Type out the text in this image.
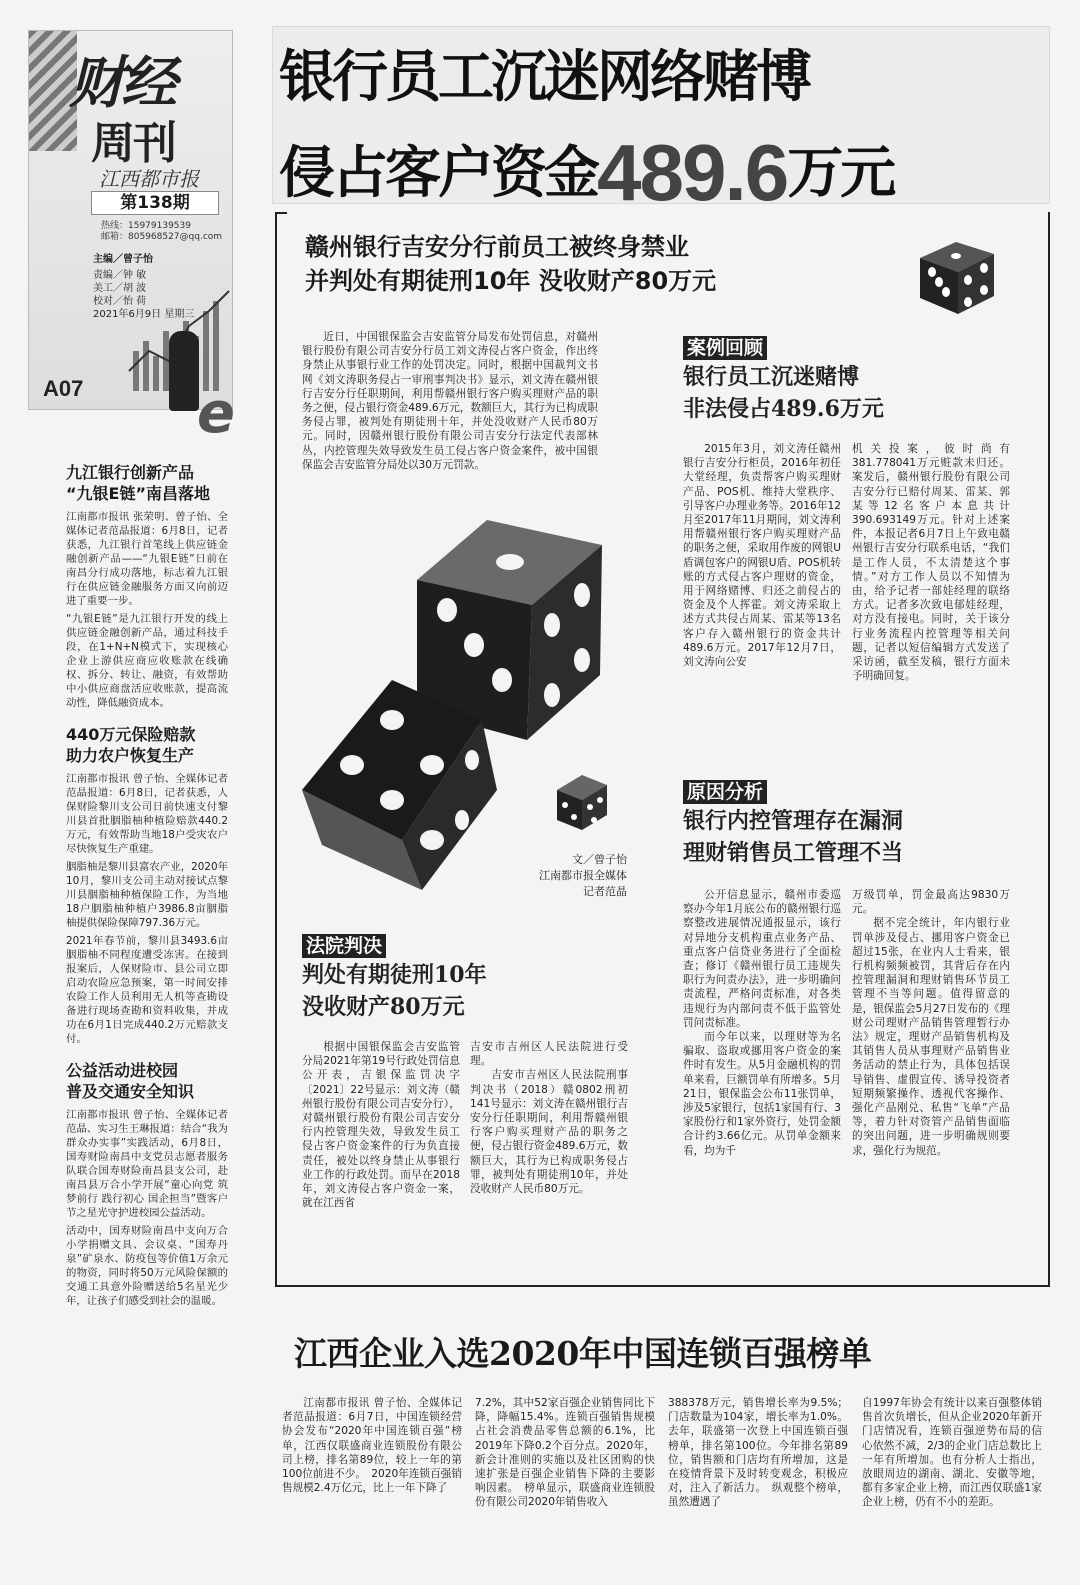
财经
周刊
江西都市报
第138期
热线：15979139539
邮箱：805968527@qq.com
主编／曾子怡
责编／钟 敏
美工／胡 波
校对／怡 荷
2021年6月9日 星期三
e
A07
银行员工沉迷网络赌博
侵占客户资金489.6万元
九江银行创新产品
“九银E链”南昌落地

江南都市报讯 张荣明、曾子怡、全媒体记者范晶报道：6月8日，记者获悉，九江银行首笔线上供应链金融创新产品——“九银E链”日前在南昌分行成功落地，标志着九江银行在供应链金融服务方面又向前迈进了重要一步。

“九银E链”是九江银行开发的线上供应链金融创新产品，通过科技手段，在1+N+N模式下，实现核心企业上游供应商应收账款在线确权、拆分、转让、融资，有效帮助中小供应商盘活应收账款，提高流动性，降低融资成本。

440万元保险赔款
助力农户恢复生产

江南都市报讯 曾子怡、全媒体记者范晶报道：6月8日，记者获悉，人保财险黎川支公司日前快速支付黎川县首批胭脂柚种植险赔款440.2万元，有效帮助当地18户受灾农户尽快恢复生产重建。

胭脂柚是黎川县富农产业，2020年10月，黎川支公司主动对接试点黎川县胭脂柚种植保险工作，为当地18户胭脂柚种植户3986.8亩胭脂柚提供保险保障797.36万元。

2021年春节前，黎川县3493.6亩胭脂柚不同程度遭受冻害。在接到报案后，人保财险市、县公司立即启动农险应急预案，第一时间安排农险工作人员利用无人机等查勘设备进行现场查勘和资料收集，并成功在6月1日完成440.2万元赔款支付。

公益活动进校园
普及交通安全知识

江南都市报讯 曾子怡、全媒体记者范晶、实习生王琳报道：结合“我为群众办实事”实践活动，6月8日，国寿财险南昌中支党员志愿者服务队联合国寿财险南昌县支公司，赴南昌县万合小学开展“童心向党 筑梦前行 践行初心 国企担当”暨客户节之星光守护进校园公益活动。

活动中，国寿财险南昌中支向万合小学捐赠文具、会议桌、“国寿丹泉”矿泉水、防疫包等价值1万余元的物资，同时将50万元风险保额的交通工具意外险赠送给5名星光少年，让孩子们感受到社会的温暖。

赣州银行吉安分行前员工被终身禁业
并判处有期徒刑10年 没收财产80万元

近日，中国银保监会吉安监管分局发布处罚信息，对赣州银行股份有限公司吉安分行员工刘文涛侵占客户资金，作出终身禁止从事银行业工作的处罚决定。同时，根据中国裁判文书网《刘文涛职务侵占一审刑事判决书》显示，刘文涛在赣州银行吉安分行任职期间，利用帮赣州银行客户购买理财产品的职务之便，侵占银行资金489.6万元，数额巨大，其行为已构成职务侵占罪，被判处有期徒刑十年，并处没收财产人民币80万元。同时，因赣州银行股份有限公司吉安分行法定代表部林丛，内控管理失效导致发生员工侵占客户资金案件，被中国银保监会吉安监管分局处以30万元罚款。

案例回顾
银行员工沉迷赌博
非法侵占489.6万元

2015年3月，刘文涛任赣州银行吉安分行柜员，2016年初任大堂经理，负责帮客户购买理财产品、POS机、维持大堂秩序、引导客户办理业务等。2016年12月至2017年11月期间，刘文涛利用帮赣州银行客户购买理财产品的职务之便，采取用作废的网银U盾调包客户的网银U盾、POS机转账的方式侵占客户理财的资金，用于网络赌博、归还之前侵占的资金及个人挥霍。刘文涛采取上述方式共侵占周某、雷某等13名客户存入赣州银行的资金共计489.6万元。2017年12月7日，刘文涛向公安

机关投案，彼时尚有381.778041万元赃款未归还。案发后，赣州银行股份有限公司吉安分行已赔付周某、雷某、郭某等12名客户本息共计390.693149万元。针对上述案件，本报记者6月7日上午致电赣州银行吉安分行联系电话，“我们是工作人员，不太清楚这个事情。”对方工作人员以不知情为由，给予记者一部娃经理的联络方式。记者多次致电郁娃经理，对方没有接电。同时，关于该分行业务流程内控管理等相关问题，记者以短信编辑方式发送了采访函，截至发稿，银行方面未予明确回复。

原因分析
银行内控管理存在漏洞
理财销售员工管理不当

公开信息显示，赣州市委巡察办今年1月底公布的赣州银行巡察整改进展情况通报显示，该行对异地分支机构重点业务产品、重点客户信贷业务进行了全面检查；修订《赣州银行员工违规失职行为问责办法》，进一步明确问责流程，严格问责标准，对各类违规行为内部问责不低于监管处罚问责标准。

而今年以来，以理财等为名骗取、盗取或挪用客户资金的案件时有发生。从5月金融机构的罚单来看，巨额罚单有所增多。5月21日，银保监会公布11张罚单，涉及5家银行，包括1家国有行、3家股份行和1家外资行，处罚金额合计约3.66亿元。从罚单金额来看，均为千

万级罚单，罚金最高达9830万元。

据不完全统计，年内银行业罚单涉及侵占、挪用客户资金已超过15张，在业内人士看来，银行机构频频被罚，其背后存在内控管理漏洞和理财销售环节员工管理不当等问题。值得留意的是，银保监会5月27日发布的《理财公司理财产品销售管理暂行办法》规定，理财产品销售机构及其销售人员从事理财产品销售业务活动的禁止行为，具体包括误导销售、虚假宣传、诱导投资者短期频繁操作、透视代客操作、强化产品刚兑、私售“飞单”产品等，着力针对资管产品销售面临的突出问题，进一步明确规则要求，强化行为规范。

文／曾子怡
江南都市报全媒体
记者范晶
法院判决
判处有期徒刑10年
没收财产80万元

根据中国银保监会吉安监管分局2021年第19号行政处罚信息公开表，吉银保监罚决字〔2021〕22号显示：刘文涛（赣州银行股份有限公司吉安分行），对赣州银行股份有限公司吉安分行内控管理失效，导致发生员工侵占客户资金案件的行为负直接责任，被处以终身禁止从事银行业工作的行政处罚。而早在2018年，刘文涛侵占客户资金一案，就在江西省

吉安市吉州区人民法院进行受理。

吉安市吉州区人民法院刑事判决书（2018）赣0802刑初141号显示：刘文涛在赣州银行吉安分行任职期间，利用帮赣州银行客户购买理财产品的职务之便，侵占银行资金489.6万元，数额巨大，其行为已构成职务侵占罪，被判处有期徒刑10年，并处没收财产人民币80万元。

江西企业入选2020年中国连锁百强榜单

江南都市报讯 曾子怡、全媒体记者范晶报道：6月7日，中国连锁经营协会发布“2020年中国连锁百强”榜单，江西仅联盛商业连锁股份有限公司上榜，排名第89位，较上一年的第100位前进不少。　2020年连锁百强销售规模2.4万亿元，比上一年下降了

7.2%，其中52家百强企业销售同比下降，降幅15.4%。连锁百强销售规模占社会消费品零售总额的6.1%，比2019年下降0.2个百分点。2020年，新会计准则的实施以及社区团购的快速扩张是百强企业销售下降的主要影响因素。　榜单显示，联盛商业连锁股份有限公司2020年销售收入

388378万元，销售增长率为9.5%；门店数量为104家，增长率为1.0%。去年，联盛第一次登上中国连锁百强榜单，排名第100位。今年排名第89位，销售额和门店均有所增加，这是在疫情背景下及时转变观念，积极应对，注入了新活力。　纵观整个榜单，虽然遭遇了

自1997年协会有统计以来百强整体销售首次负增长，但从企业2020年新开门店情况看，连锁百强逆势布局的信心依然不减，2/3的企业门店总数比上一年有所增加。也有分析人士指出，放眼周边的湖南、湖北、安徽等地，都有多家企业上榜，而江西仅联盛1家企业上榜，仍有不小的差距。
